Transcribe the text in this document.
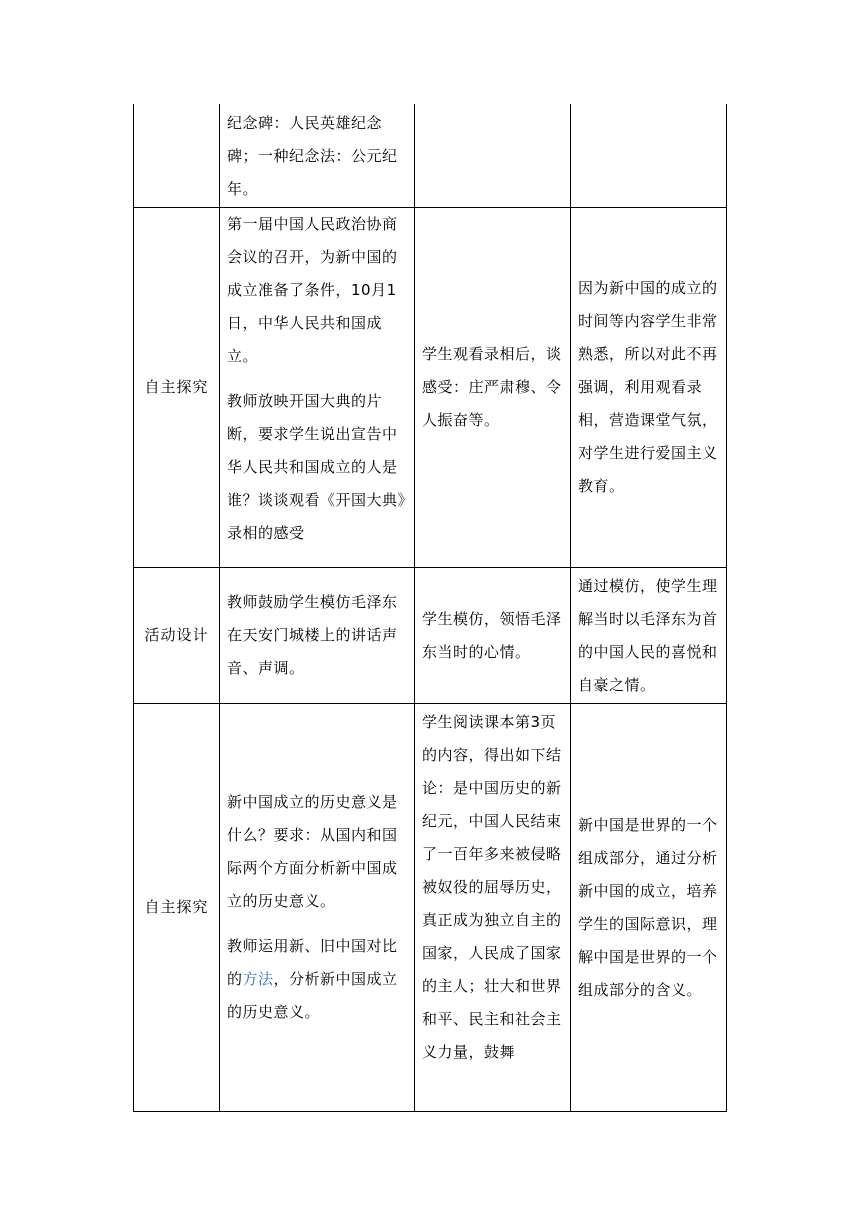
纪念碑：人民英雄纪念碑；一种纪念法：公元纪年。

自主探究

第一届中国人民政治协商会议的召开，为新中国的成立准备了条件，10月1日，中华人民共和国成立。

教师放映开国大典的片断，要求学生说出宣告中华人民共和国成立的人是谁？谈谈观看《开国大典》录相的感受

学生观看录相后，谈感受：庄严肃穆、令人振奋等。

因为新中国的成立的时间等内容学生非常熟悉，所以对此不再强调，利用观看录相，营造课堂气氛，对学生进行爱国主义教育。

活动设计

教师鼓励学生模仿毛泽东在天安门城楼上的讲话声音、声调。

学生模仿，领悟毛泽东当时的心情。

通过模仿，使学生理解当时以毛泽东为首的中国人民的喜悦和自豪之情。

自主探究

新中国成立的历史意义是什么？要求：从国内和国际两个方面分析新中国成立的历史意义。

教师运用新、旧中国对比的方法，分析新中国成立的历史意义。

学生阅读课本第3页的内容，得出如下结论：是中国历史的新纪元，中国人民结束了一百年多来被侵略被奴役的屈辱历史，真正成为独立自主的国家，人民成了国家的主人；壮大和世界和平、民主和社会主义力量，鼓舞

新中国是世界的一个组成部分，通过分析新中国的成立，培养学生的国际意识，理解中国是世界的一个组成部分的含义。
